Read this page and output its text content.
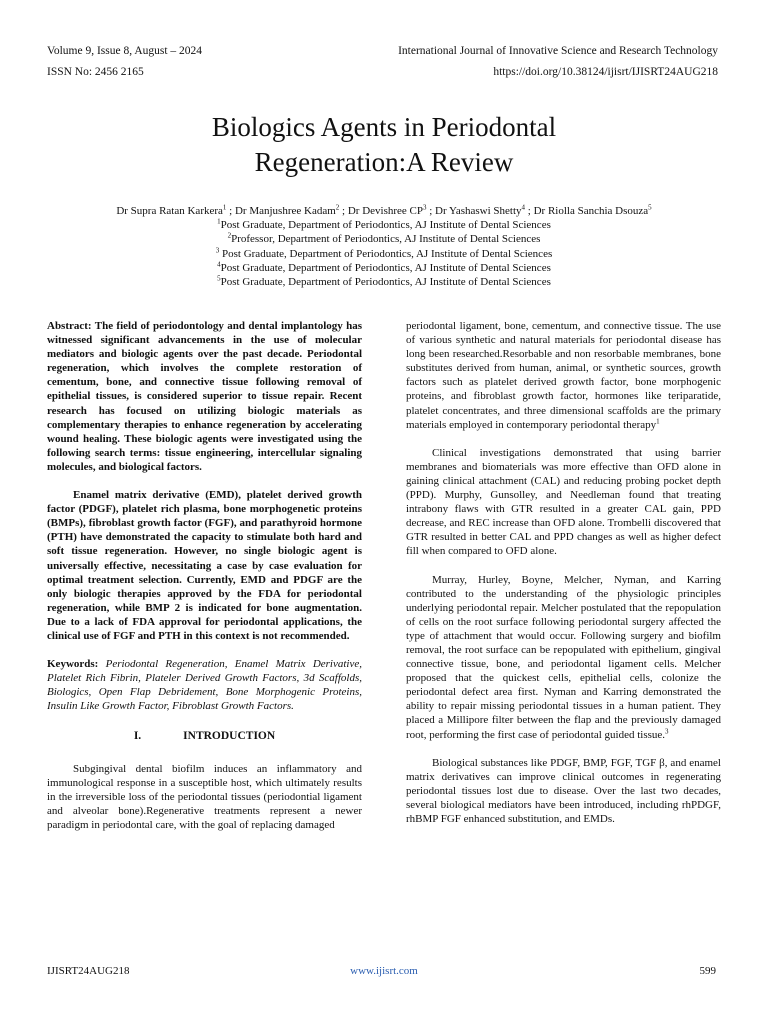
Volume 9, Issue 8, August – 2024
ISSN No: 2456 2165
International Journal of Innovative Science and Research Technology
https://doi.org/10.38124/ijisrt/IJISRT24AUG218
Biologics Agents in Periodontal
Regeneration:A Review
Dr Supra Ratan Karkera$^1$ ; Dr Manjushree Kadam$^2$ ; Dr Devishree $CP^3$ ; Dr Yashaswi Shetty$^4$ ; Dr Riolla Sanchia Dsouza$^5$
$^1$Post Graduate, Department of Periodontics, AJ Institute of Dental Sciences
$^2$Professor, Department of Periodontics, AJ Institute of Dental Sciences
$^3$ Post Graduate, Department of Periodontics, AJ Institute of Dental Sciences
$^4$Post Graduate, Department of Periodontics, AJ Institute of Dental Sciences
$^5$Post Graduate, Department of Periodontics, AJ Institute of Dental Sciences

Abstract: The field of periodontology and dental implantology has witnessed significant advancements in the use of molecular mediators and biologic agents over the past decade. Periodontal regeneration, which involves the complete restoration of cementum, bone, and connective tissue following removal of epithelial tissues, is considered superior to tissue repair. Recent research has focused on utilizing biologic materials as complementary therapies to enhance regeneration by accelerating wound healing. These biologic agents were investigated using the following search terms: tissue engineering, intercellular signaling molecules, and biological factors.

Enamel matrix derivative (EMD), platelet derived growth factor (PDGF), platelet rich plasma, bone morphogenetic proteins (BMPs), fibroblast growth factor (FGF), and parathyroid hormone (PTH) have demonstrated the capacity to stimulate both hard and soft tissue regeneration. However, no single biologic agent is universally effective, necessitating a case by case evaluation for optimal treatment selection. Currently, EMD and PDGF are the only biologic therapies approved by the FDA for periodontal regeneration, while BMP 2 is indicated for bone augmentation. Due to a lack of FDA approval for periodontal applications, the clinical use of FGF and PTH in this context is not recommended.

Keywords: Periodontal Regeneration, Enamel Matrix Derivative, Platelet Rich Fibrin, Plateler Derived Growth Factors, 3d Scaffolds, Biologics, Open Flap Debridement, Bone Morphogenic Proteins, Insulin Like Growth Factor, Fibroblast Growth Factors.

I.	INTRODUCTION

Subgingival dental biofilm induces an inflammatory and immunological response in a susceptible host, which ultimately results in the irreversible loss of the periodontal tissues (periodontial ligament and alveolar bone).Regenerative treatments represent a newer paradigm in periodontal care, with the goal of replacing damaged

periodontal ligament, bone, cementum, and connective tissue. The use of various synthetic and natural materials for periodontal disease has long been researched.Resorbable and non resorbable membranes, bone substitutes derived from human, animal, or synthetic sources, growth factors such as platelet derived growth factor, bone morphogenic proteins, and fibroblast growth factor, hormones like teriparatide, platelet concentrates, and three dimensional scaffolds are the primary materials employed in contemporary periodontal therapy$^1$

Clinical investigations demonstrated that using barrier membranes and biomaterials was more effective than OFD alone in gaining clinical attachment (CAL) and reducing probing pocket depth (PPD). Murphy, Gunsolley, and Needleman found that treating intrabony flaws with GTR resulted in a greater CAL gain, PPD decrease, and REC increase than OFD alone. Trombelli discovered that GTR resulted in better CAL and PPD changes as well as higher defect fill when compared to OFD alone.

Murray, Hurley, Boyne, Melcher, Nyman, and Karring contributed to the understanding of the physiologic principles underlying periodontal repair. Melcher postulated that the repopulation of cells on the root surface following periodontal surgery affected the type of attachment that would occur. Following surgery and biofilm removal, the root surface can be repopulated with epithelium, gingival connective tissue, bone, and periodontal ligament cells. Melcher proposed that the quickest cells, epithelial cells, colonize the periodontal defect area first. Nyman and Karring demonstrated the ability to repair missing periodontal tissues in a human patient. They placed a Millipore filter between the flap and the previously damaged root, performing the first case of periodontal guided tissue.$^3$

Biological substances like PDGF, BMP, FGF, TGF β, and enamel matrix derivatives can improve clinical outcomes in regenerating periodontal tissues lost due to disease. Over the last two decades, several biological mediators have been introduced, including rhPDGF, rhBMP FGF enhanced substitution, and EMDs.

IJISRT24AUG218	www.ijisrt.com	599
